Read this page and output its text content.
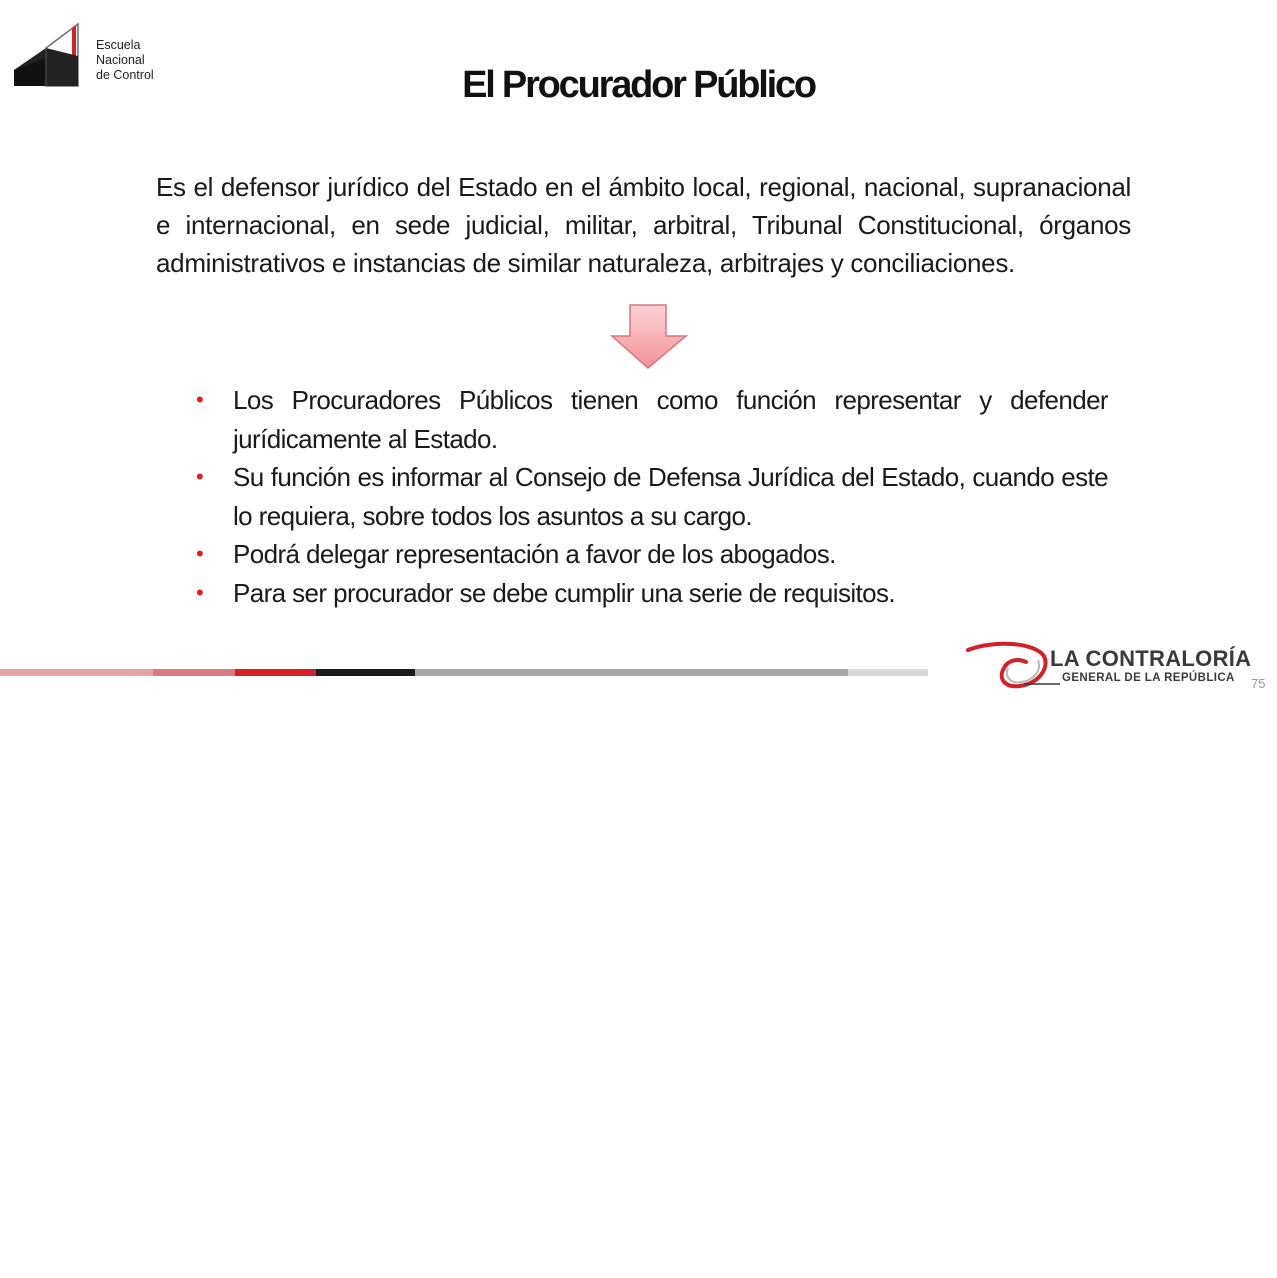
Escuela
Nacional
de Control	El Procurador Público
Es el defensor jurídico del Estado en el ámbito local, regional, nacional, supranacional e internacional, en sede judicial, militar, arbitral, Tribunal Constitucional, órganos administrativos e instancias de similar naturaleza, arbitrajes y conciliaciones.
• Los Procuradores Públicos tienen como función representar y defender jurídicamente al Estado.
• Su función es informar al Consejo de Defensa Jurídica del Estado, cuando este lo requiera, sobre todos los asuntos a su cargo.
• Podrá delegar representación a favor de los abogados.
• Para ser procurador se debe cumplir una serie de requisitos.
LA CONTRALORÍA
GENERAL DE LA REPÚBLICA 75
